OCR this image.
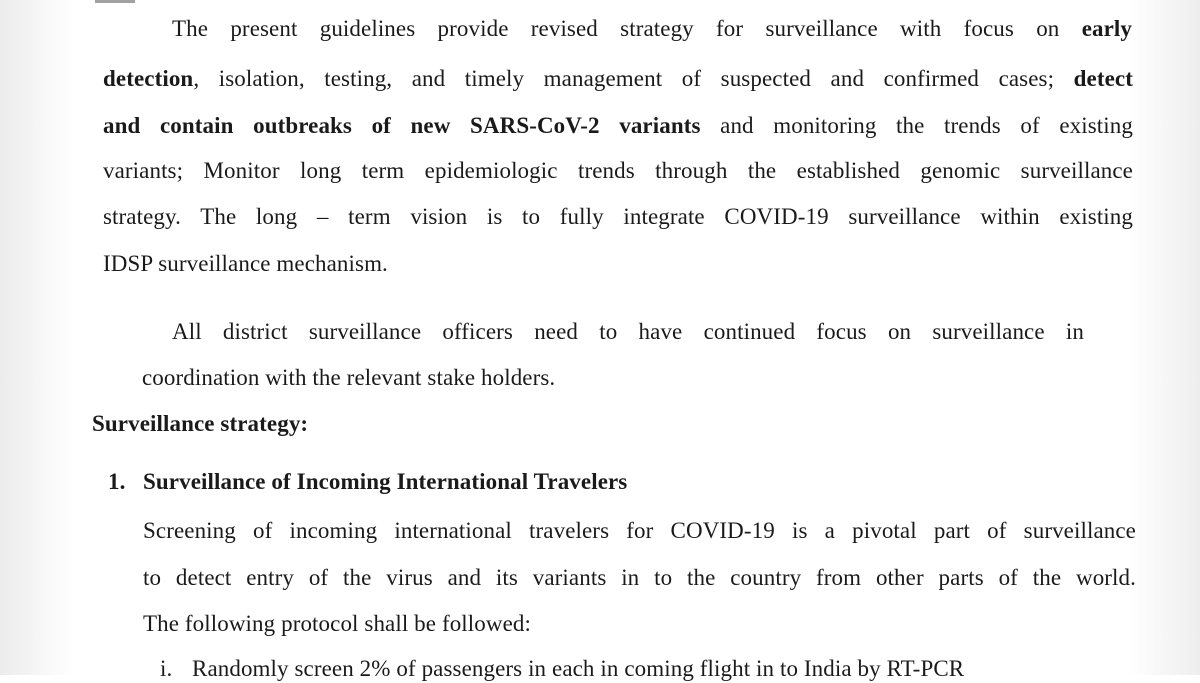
The present guidelines provide revised strategy for surveillance with focus on early
detection, isolation, testing, and timely management of suspected and confirmed cases; detect
and contain outbreaks of new SARS-CoV-2 variants and monitoring the trends of existing
variants; Monitor long term epidemiologic trends through the established genomic surveillance
strategy. The long – term vision is to fully integrate COVID-19 surveillance within existing
IDSP surveillance mechanism.
All district surveillance officers need to have continued focus on surveillance in
coordination with the relevant stake holders.
Surveillance strategy:
1. Surveillance of Incoming International Travelers
Screening of incoming international travelers for COVID-19 is a pivotal part of surveillance
to detect entry of the virus and its variants in to the country from other parts of the world.
The following protocol shall be followed:
i. Randomly screen 2% of passengers in each in coming flight in to India by RT-PCR
